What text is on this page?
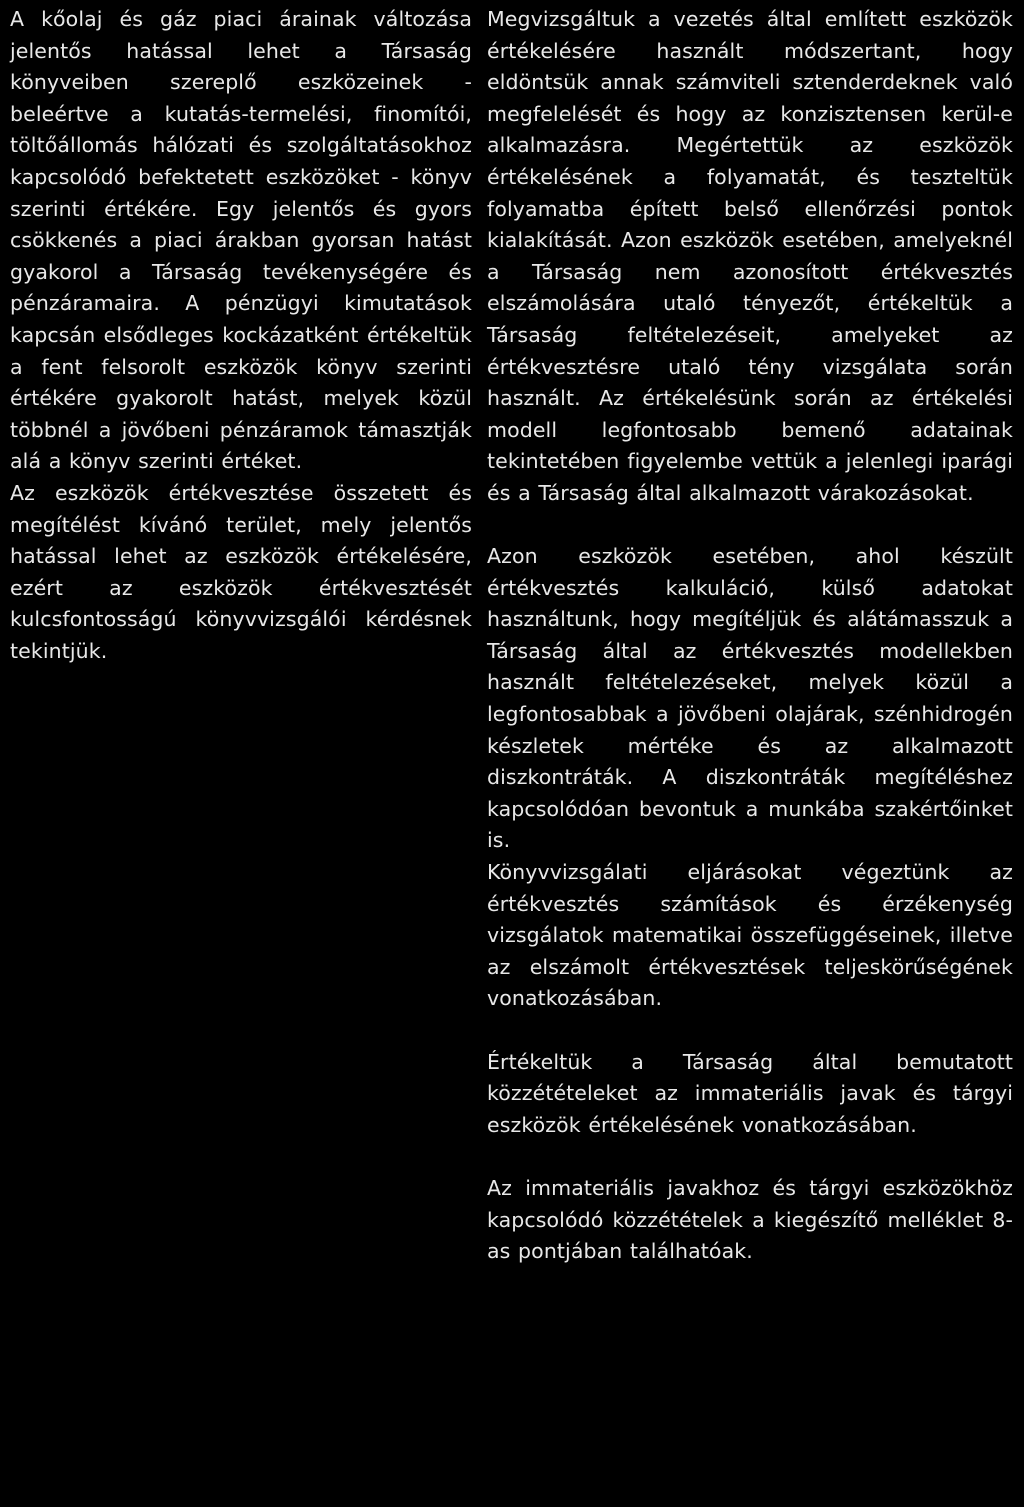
A kőolaj és gáz piaci árainak változása jelentős hatással lehet a Társaság könyveiben szereplő eszközeinek - beleértve a kutatás-termelési, finomítói, töltőállomás hálózati és szolgáltatásokhoz kapcsolódó befektetett eszközöket - könyv szerinti értékére. Egy jelentős és gyors csökkenés a piaci árakban gyorsan hatást gyakorol a Társaság tevékenységére és pénzáramaira. A pénzügyi kimutatások kapcsán elsődleges kockázatként értékeltük a fent felsorolt eszközök könyv szerinti értékére gyakorolt hatást, melyek közül többnél a jövőbeni pénzáramok támasztják alá a könyv szerinti értéket.

Az eszközök értékvesztése összetett és megítélést kívánó terület, mely jelentős hatással lehet az eszközök értékelésére, ezért az eszközök értékvesztését kulcsfontosságú könyvvizsgálói kérdésnek tekintjük.

Megvizsgáltuk a vezetés által említett eszközök értékelésére használt módszertant, hogy eldöntsük annak számviteli sztenderdeknek való megfelelését és hogy az konzisztensen kerül-e alkalmazásra. Megértettük az eszközök értékelésének a folyamatát, és teszteltük folyamatba épített belső ellenőrzési pontok kialakítását. Azon eszközök esetében, amelyeknél a Társaság nem azonosított értékvesztés elszámolására utaló tényezőt, értékeltük a Társaság feltételezéseit, amelyeket az értékvesztésre utaló tény vizsgálata során használt. Az értékelésünk során az értékelési modell legfontosabb bemenő adatainak tekintetében figyelembe vettük a jelenlegi iparági és a Társaság által alkalmazott várakozásokat.

Azon eszközök esetében, ahol készült értékvesztés kalkuláció, külső adatokat használtunk, hogy megítéljük és alátámasszuk a Társaság által az értékvesztés modellekben használt feltételezéseket, melyek közül a legfontosabbak a jövőbeni olajárak, szénhidrogén készletek mértéke és az alkalmazott diszkontráták. A diszkontráták megítéléshez kapcsolódóan bevontuk a munkába szakértőinket is.

Könyvvizsgálati eljárásokat végeztünk az értékvesztés számítások és érzékenység vizsgálatok matematikai összefüggéseinek, illetve az elszámolt értékvesztések teljeskörűségének vonatkozásában.

Értékeltük a Társaság által bemutatott közzétételeket az immateriális javak és tárgyi eszközök értékelésének vonatkozásában.

Az immateriális javakhoz és tárgyi eszközökhöz kapcsolódó közzétételek a kiegészítő melléklet 8-as pontjában találhatóak.
